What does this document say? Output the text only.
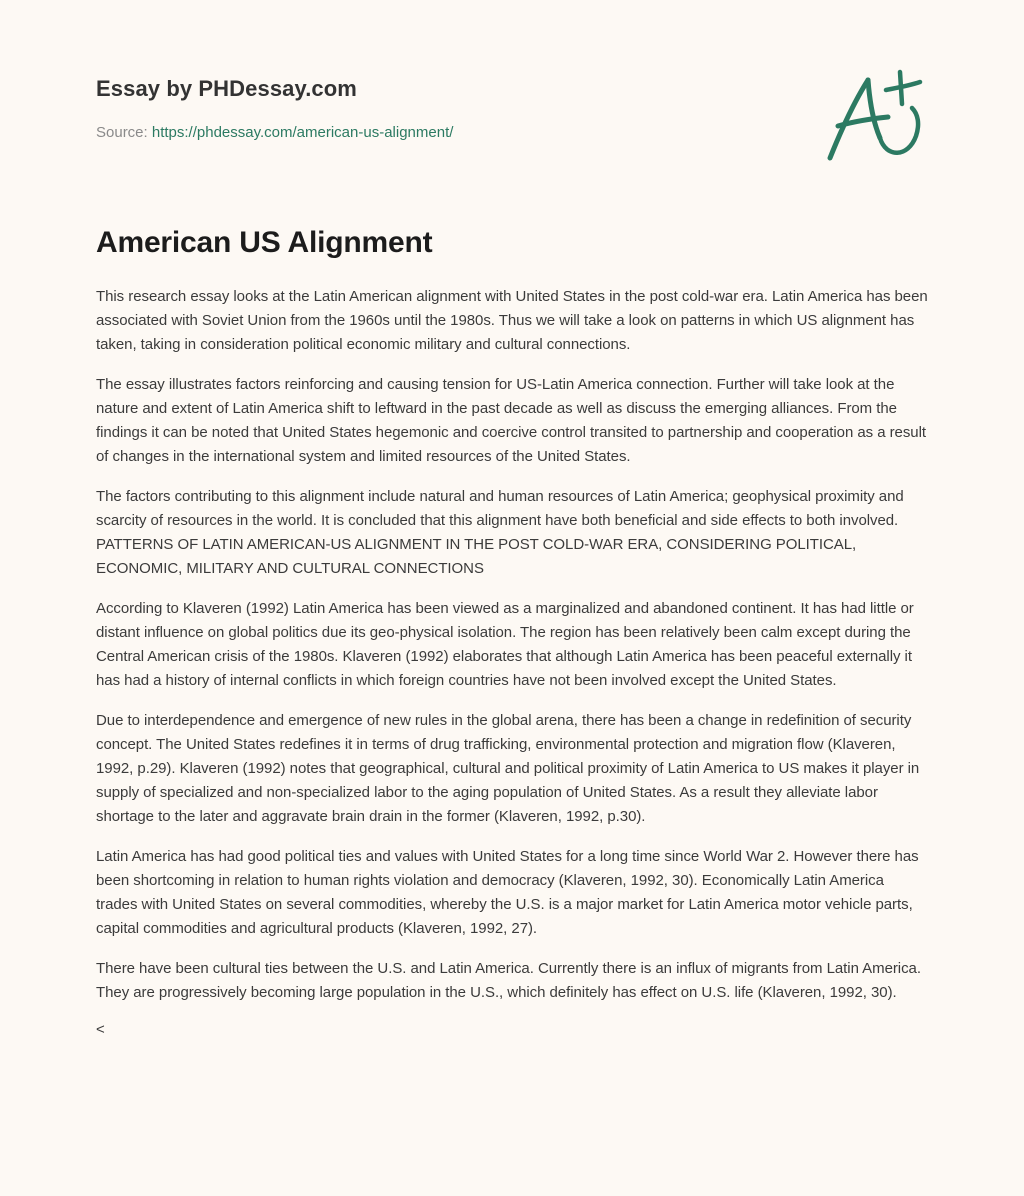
Essay by PHDessay.com
Source: https://phdessay.com/american-us-alignment/
American US Alignment

This research essay looks at the Latin American alignment with United States in the post cold-war era. Latin America has been associated with Soviet Union from the 1960s until the 1980s. Thus we will take a look on patterns in which US alignment has taken, taking in consideration political economic military and cultural connections.

The essay illustrates factors reinforcing and causing tension for US-Latin America connection. Further will take look at the nature and extent of Latin America shift to leftward in the past decade as well as discuss the emerging alliances. From the findings it can be noted that United States hegemonic and coercive control transited to partnership and cooperation as a result of changes in the international system and limited resources of the United States.

The factors contributing to this alignment include natural and human resources of Latin America; geophysical proximity and scarcity of resources in the world. It is concluded that this alignment have both beneficial and side effects to both involved.
PATTERNS OF LATIN AMERICAN-US ALIGNMENT IN THE POST COLD-WAR ERA, CONSIDERING POLITICAL, ECONOMIC, MILITARY AND CULTURAL CONNECTIONS

According to Klaveren (1992) Latin America has been viewed as a marginalized and abandoned continent. It has had little or distant influence on global politics due its geo-physical isolation. The region has been relatively been calm except during the Central American crisis of the 1980s. Klaveren (1992) elaborates that although Latin America has been peaceful externally it has had a history of internal conflicts in which foreign countries have not been involved except the United States.

Due to interdependence and emergence of new rules in the global arena, there has been a change in redefinition of security concept. The United States redefines it in terms of drug trafficking, environmental protection and migration flow (Klaveren, 1992, p.29). Klaveren (1992) notes that geographical, cultural and political proximity of Latin America to US makes it player in supply of specialized and non-specialized labor to the aging population of United States. As a result they alleviate labor shortage to the later and aggravate brain drain in the former (Klaveren, 1992, p.30).

Latin America has had good political ties and values with United States for a long time since World War 2. However there has been shortcoming in relation to human rights violation and democracy (Klaveren, 1992, 30). Economically Latin America trades with United States on several commodities, whereby the U.S. is a major market for Latin America motor vehicle parts, capital commodities and agricultural products (Klaveren, 1992, 27).

There have been cultural ties between the U.S. and Latin America. Currently there is an influx of migrants from Latin America. They are progressively becoming large population in the U.S., which definitely has effect on U.S. life (Klaveren, 1992, 30).

<
